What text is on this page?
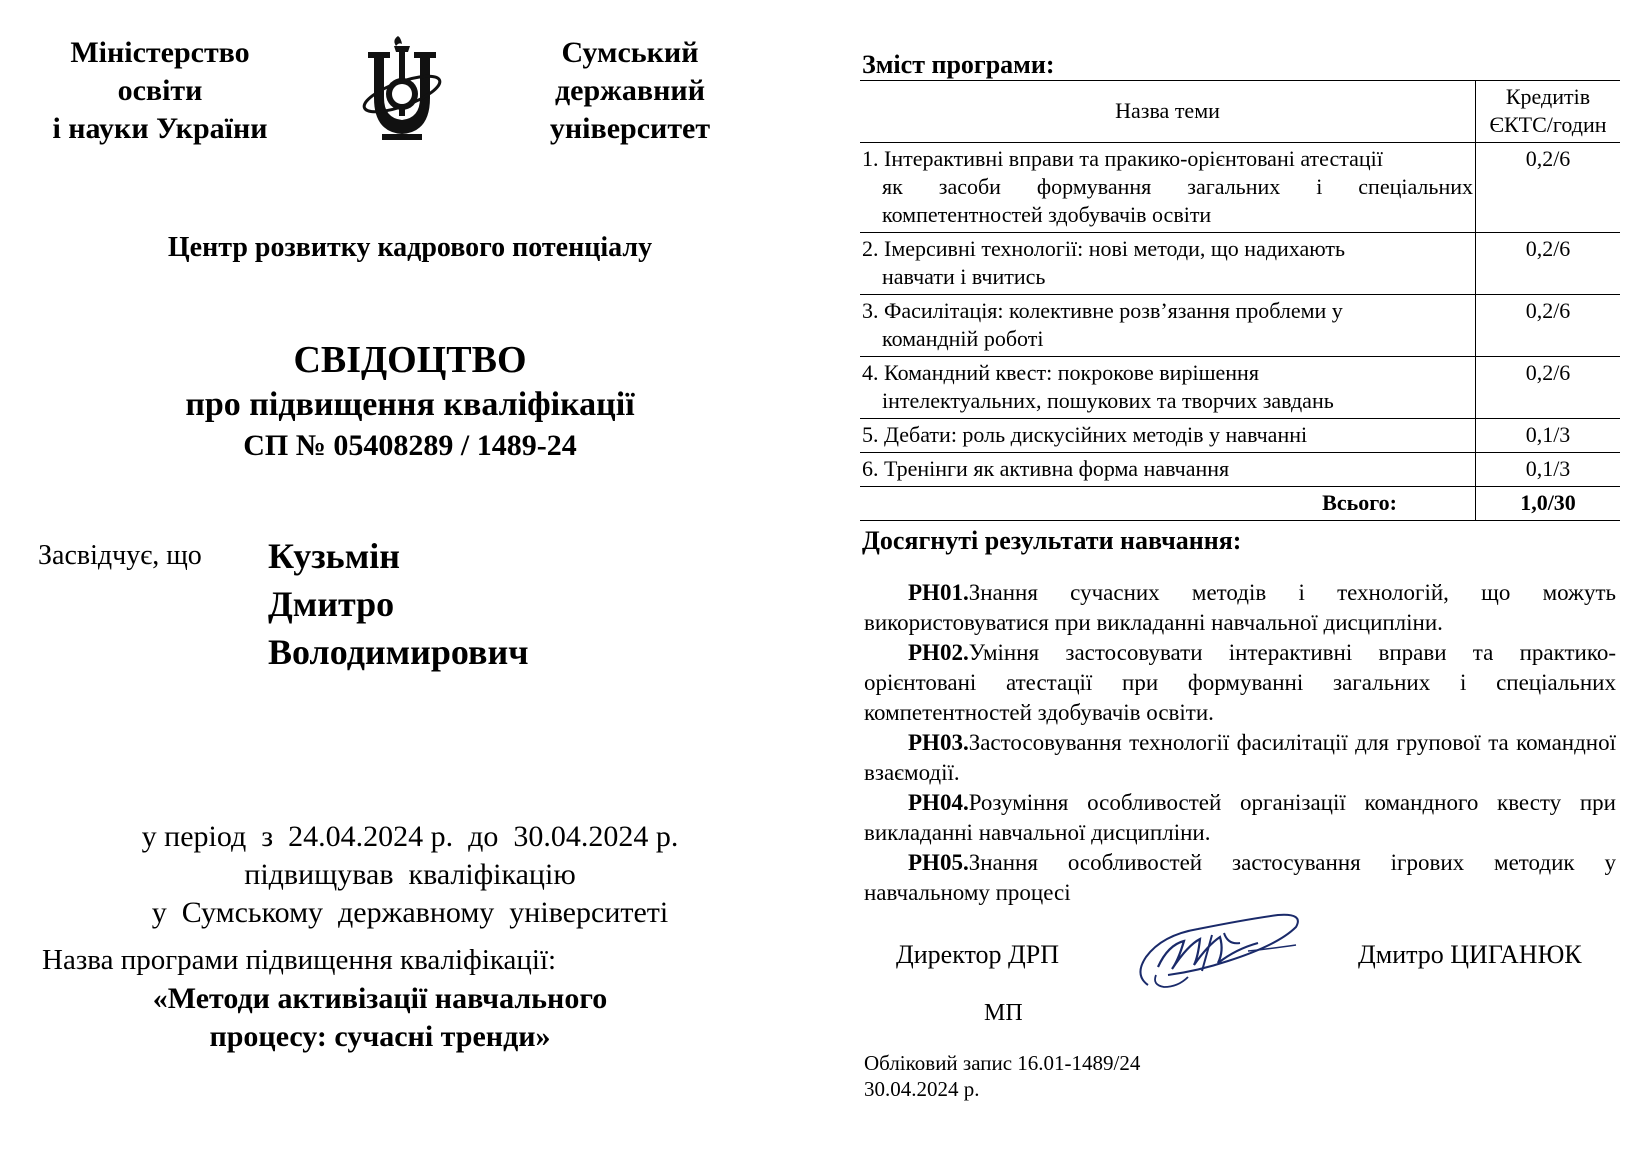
Міністерство
освіти
і науки України
Сумський
державний
університет
Центр розвитку кадрового потенціалу
СВІДОЦТВО
про підвищення кваліфікації
СП № 05408289 / 1489-24
Засвідчує, що Кузьмін
Дмитро
Володимирович
у період  з  24.04.2024 р.  до  30.04.2024 р.
підвищував  кваліфікацію
у  Сумському  державному  університеті
Назва програми підвищення кваліфікації:
«Методи активізації навчального
процесу: сучасні тренди»
Зміст програми:
Назва теми	Кредитів
ЄКТС/годин

1. Інтерактивні вправи та пракико-орієнтовані атестації
як засоби формування загальних і спеціальних компетентностей здобувачів освіти	0,2/6
2. Імерсивні технології: нові методи, що надихають
навчати і вчитись	0,2/6
3. Фасилітація: колективне розв’язання проблеми у
командній роботі	0,2/6
4. Командний квест: покрокове вирішення
інтелектуальних, пошукових та творчих завдань	0,2/6
5. Дебати: роль дискусійних методів у навчанні	0,1/3
6. Тренінги як активна форма навчання	0,1/3
Всього:	1,0/30
Досягнуті результати навчання:

РН01.Знання сучасних методів і технологій, що можуть використовуватися при викладанні навчальної дисципліни.

РН02.Уміння застосовувати інтерактивні вправи та практико-орієнтовані атестації при формуванні загальних і спеціальних компетентностей здобувачів освіти.

РН03.Застосовування технології фасилітації для групової та командної взаємодії.

РН04.Розуміння особливостей організації командного квесту при викладанні навчальної дисципліни.

РН05.Знання особливостей застосування ігрових методик у навчальному процесі

Директор ДРП	Дмитро ЦИГАНЮК
МП
Обліковий запис 16.01-1489/24
30.04.2024 р.
